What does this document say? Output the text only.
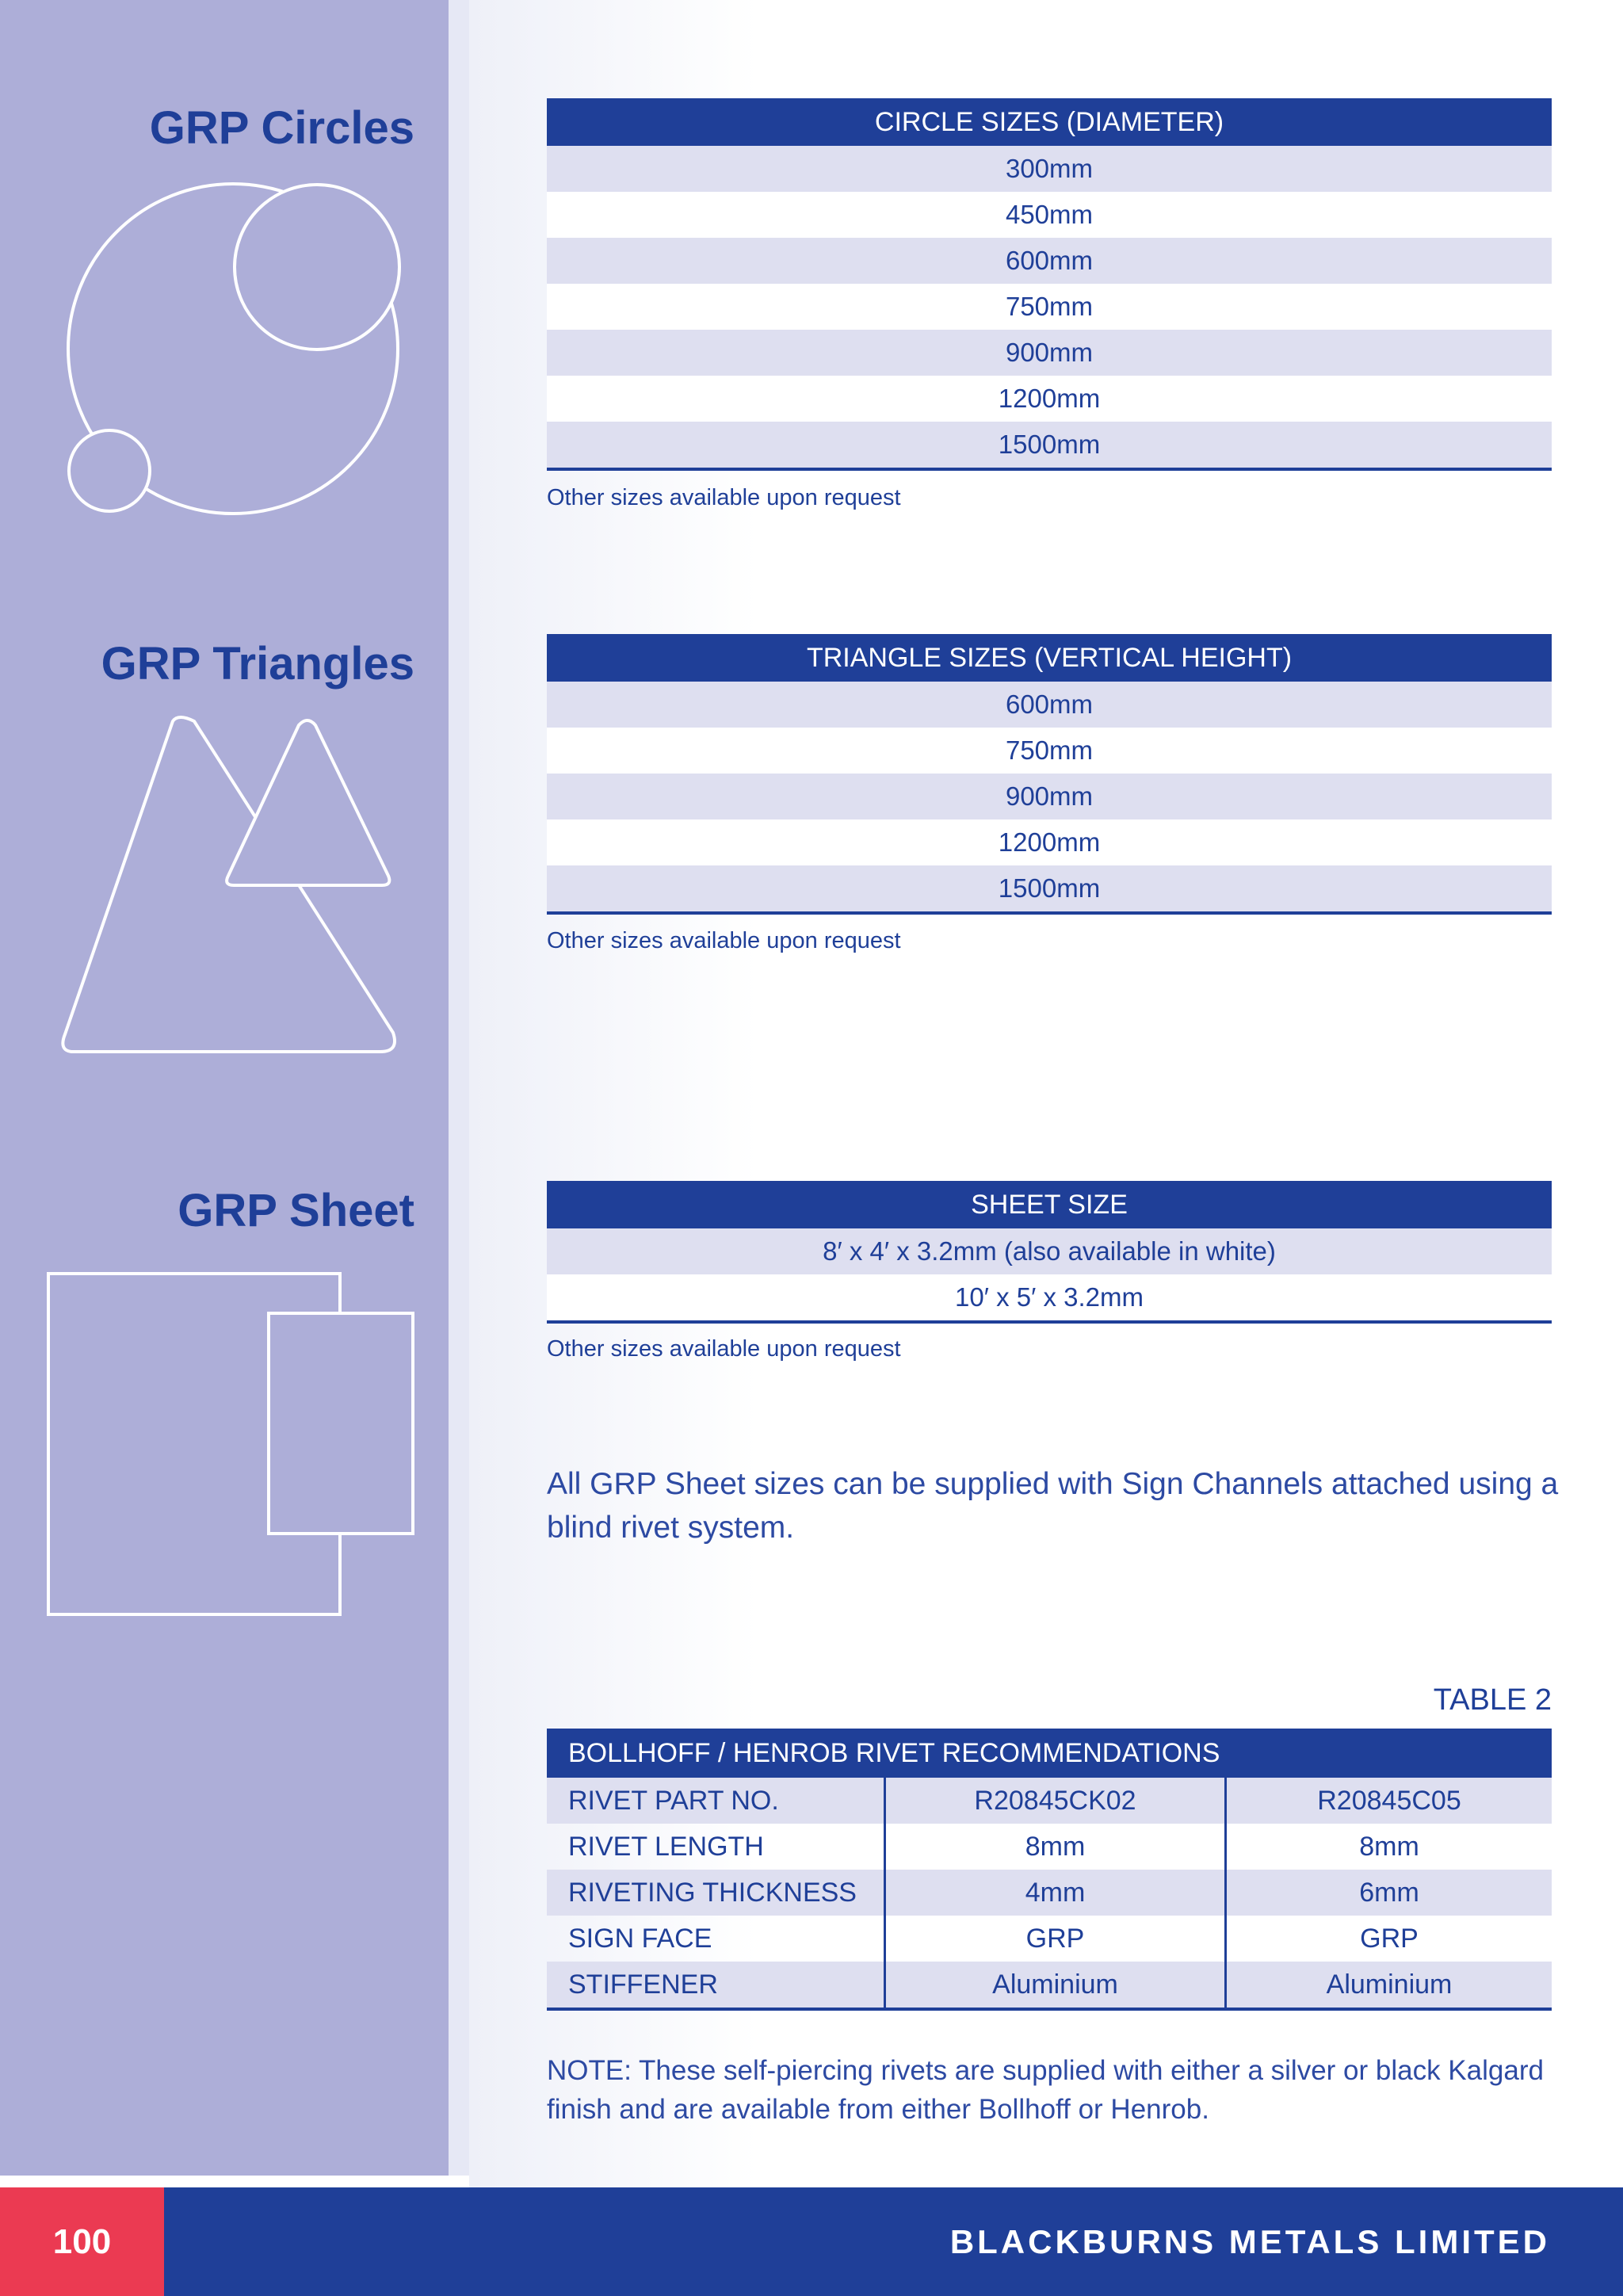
GRP Circles	CIRCLE SIZES (DIAMETER)
300mm
450mm
600mm
750mm
900mm
1200mm
1500mm
Other sizes available upon request
GRP Triangles	TRIANGLE SIZES (VERTICAL HEIGHT)
600mm
750mm
900mm
1200mm
1500mm
Other sizes available upon request
GRP Sheet	SHEET SIZE
8′ x 4′ x 3.2mm (also available in white)
10′ x 5′ x 3.2mm
Other sizes available upon request
All GRP Sheet sizes can be supplied with Sign Channels attached using a blind rivet system.
TABLE 2
BOLLHOFF / HENROB RIVET RECOMMENDATIONS
RIVET PART NO.	R20845CK02	R20845C05
RIVET LENGTH	8mm	8mm
RIVETING THICKNESS	4mm	6mm
SIGN FACE	GRP	GRP
STIFFENER	Aluminium	Aluminium
NOTE: These self-piercing rivets are supplied with either a silver or black Kalgard finish and are available from either Bollhoff or Henrob.
100	BLACKBURNS METALS LIMITED
